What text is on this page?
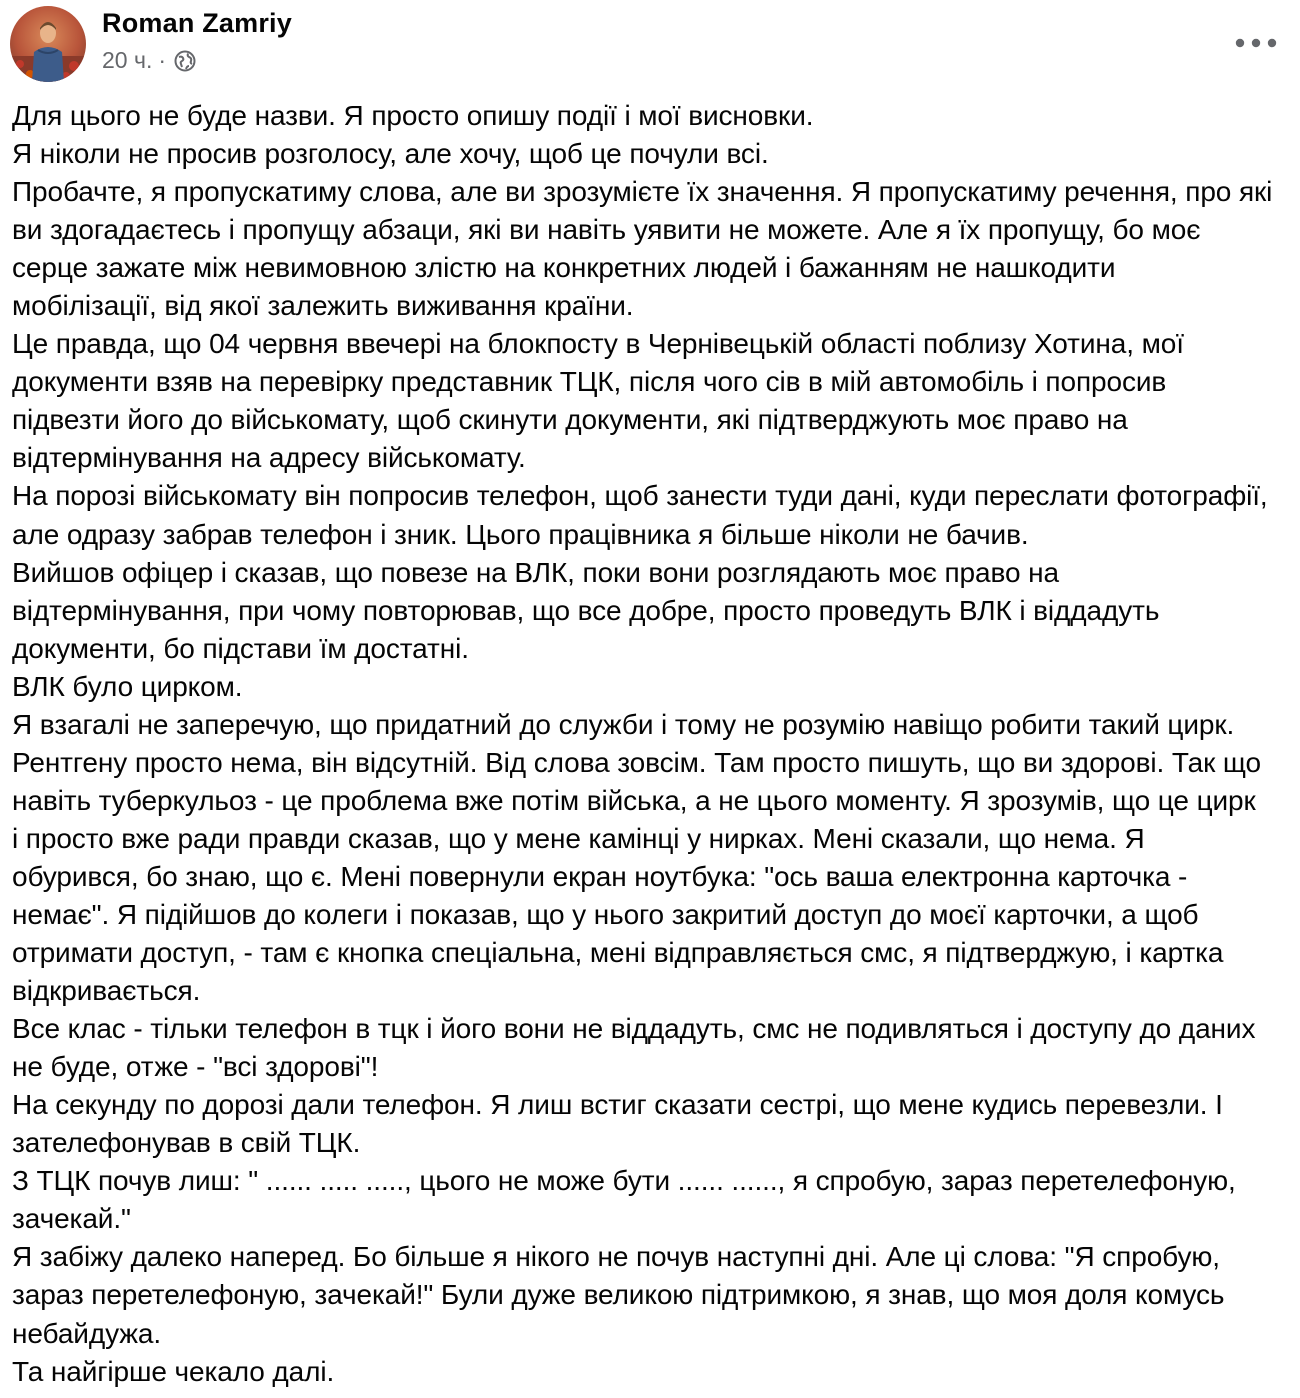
Roman Zamriy
20 ч. ·

Для цього не буде назви. Я просто опишу події і мої висновки.

Я ніколи не просив розголосу, але хочу, щоб це почули всі.

Пробачте, я пропускатиму слова, але ви зрозумієте їх значення. Я пропускатиму речення, про які

ви здогадаєтесь і пропущу абзаци, які ви навіть уявити не можете. Але я їх пропущу, бо моє

серце зажате між невимовною злістю на конкретних людей і бажанням не нашкодити

мобілізації, від якої залежить виживання країни.

Це правда, що 04 червня ввечері на блокпосту в Чернівецькій області поблизу Хотина, мої

документи взяв на перевірку представник ТЦК, після чого сів в мій автомобіль і попросив

підвезти його до військомату, щоб скинути документи, які підтверджують моє право на

відтермінування на адресу військомату.

На порозі військомату він попросив телефон, щоб занести туди дані, куди переслати фотографії,

але одразу забрав телефон і зник. Цього працівника я більше ніколи не бачив.

Вийшов офіцер і сказав, що повезе на ВЛК, поки вони розглядають моє право на

відтермінування, при чому повторював, що все добре, просто проведуть ВЛК і віддадуть

документи, бо підстави їм достатні.

ВЛК було цирком.

Я взагалі не заперечую, що придатний до служби і тому не розумію навіщо робити такий цирк.

Рентгену просто нема, він відсутній. Від слова зовсім. Там просто пишуть, що ви здорові. Так що

навіть туберкульоз - це проблема вже потім війська, а не цього моменту. Я зрозумів, що це цирк

і просто вже ради правди сказав, що у мене камінці у нирках. Мені сказали, що нема. Я

обурився, бо знаю, що є. Мені повернули екран ноутбука: "ось ваша електронна карточка -

немає". Я підійшов до колеги і показав, що у нього закритий доступ до моєї карточки, а щоб

отримати доступ, - там є кнопка спеціальна, мені відправляється смс, я підтверджую, і картка

відкривається.

Все клас - тільки телефон в тцк і його вони не віддадуть, смс не подивляться і доступу до даних

не буде, отже - "всі здорові"!

На секунду по дорозі дали телефон. Я лиш встиг сказати сестрі, що мене кудись перевезли. І

зателефонував в свій ТЦК.

З ТЦК почув лиш: " ...... ..... ....., цього не може бути ...... ......, я спробую, зараз перетелефоную,

зачекай."

Я забіжу далеко наперед. Бо більше я нікого не почув наступні дні. Але ці слова: "Я спробую,

зараз перетелефоную, зачекай!" Були дуже великою підтримкою, я знав, що моя доля комусь

небайдужа.

Та найгірше чекало далі.
